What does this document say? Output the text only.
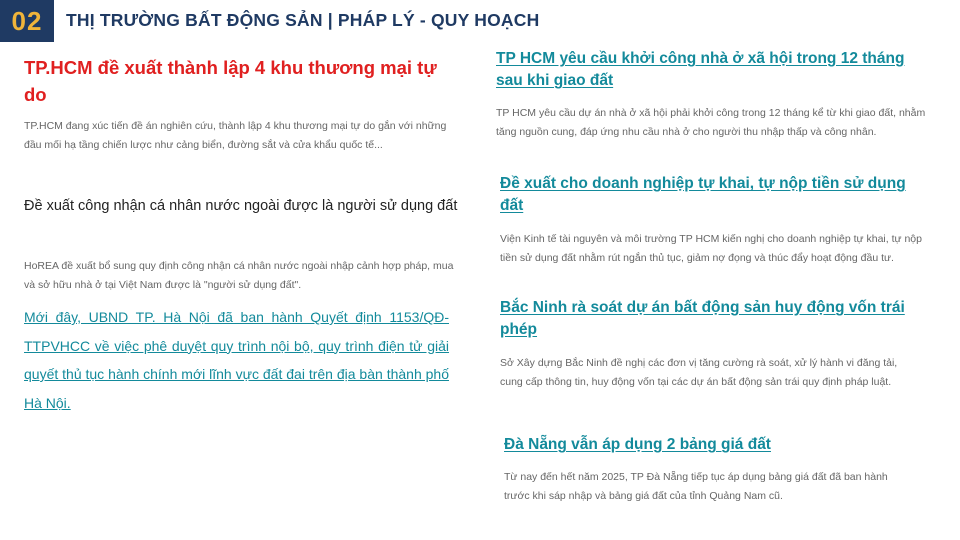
02 THỊ TRƯỜNG BẤT ĐỘNG SẢN | PHÁP LÝ - QUY HOẠCH
TP.HCM đề xuất thành lập 4 khu thương mại tự do

TP.HCM đang xúc tiến đề án nghiên cứu, thành lập 4 khu thương mại tự do gắn với những đầu mối hạ tầng chiến lược như cảng biển, đường sắt và cửa khẩu quốc tế...

Đề xuất công nhận cá nhân nước ngoài được là người sử dụng đất

HoREA đề xuất bổ sung quy định công nhận cá nhân nước ngoài nhập cảnh hợp pháp, mua và sở hữu nhà ở tại Việt Nam được là "người sử dụng đất".

Mới đây, UBND TP. Hà Nội đã ban hành Quyết định 1153/QĐ-TTPVHCC về việc phê duyệt quy trình nội bộ, quy trình điện tử giải quyết thủ tục hành chính mới lĩnh vực đất đai trên địa bàn thành phố Hà Nội.

TP HCM yêu cầu khởi công nhà ở xã hội trong 12 tháng sau khi giao đất

TP HCM yêu cầu dự án nhà ở xã hội phải khởi công trong 12 tháng kể từ khi giao đất, nhằm tăng nguồn cung, đáp ứng nhu cầu nhà ở cho người thu nhập thấp và công nhân.

Đề xuất cho doanh nghiệp tự khai, tự nộp tiền sử dụng đất

Viện Kinh tế tài nguyên và môi trường TP HCM kiến nghị cho doanh nghiệp tự khai, tự nộp tiền sử dụng đất nhằm rút ngắn thủ tục, giảm nợ đọng và thúc đẩy hoạt động đầu tư.

Bắc Ninh rà soát dự án bất động sản huy động vốn trái phép

Sở Xây dựng Bắc Ninh đề nghị các đơn vị tăng cường rà soát, xử lý hành vi đăng tải, cung cấp thông tin, huy động vốn tại các dự án bất động sản trái quy định pháp luật.

Đà Nẵng vẫn áp dụng 2 bảng giá đất

Từ nay đến hết năm 2025, TP Đà Nẵng tiếp tục áp dụng bảng giá đất đã ban hành trước khi sáp nhập và bảng giá đất của tỉnh Quảng Nam cũ.
